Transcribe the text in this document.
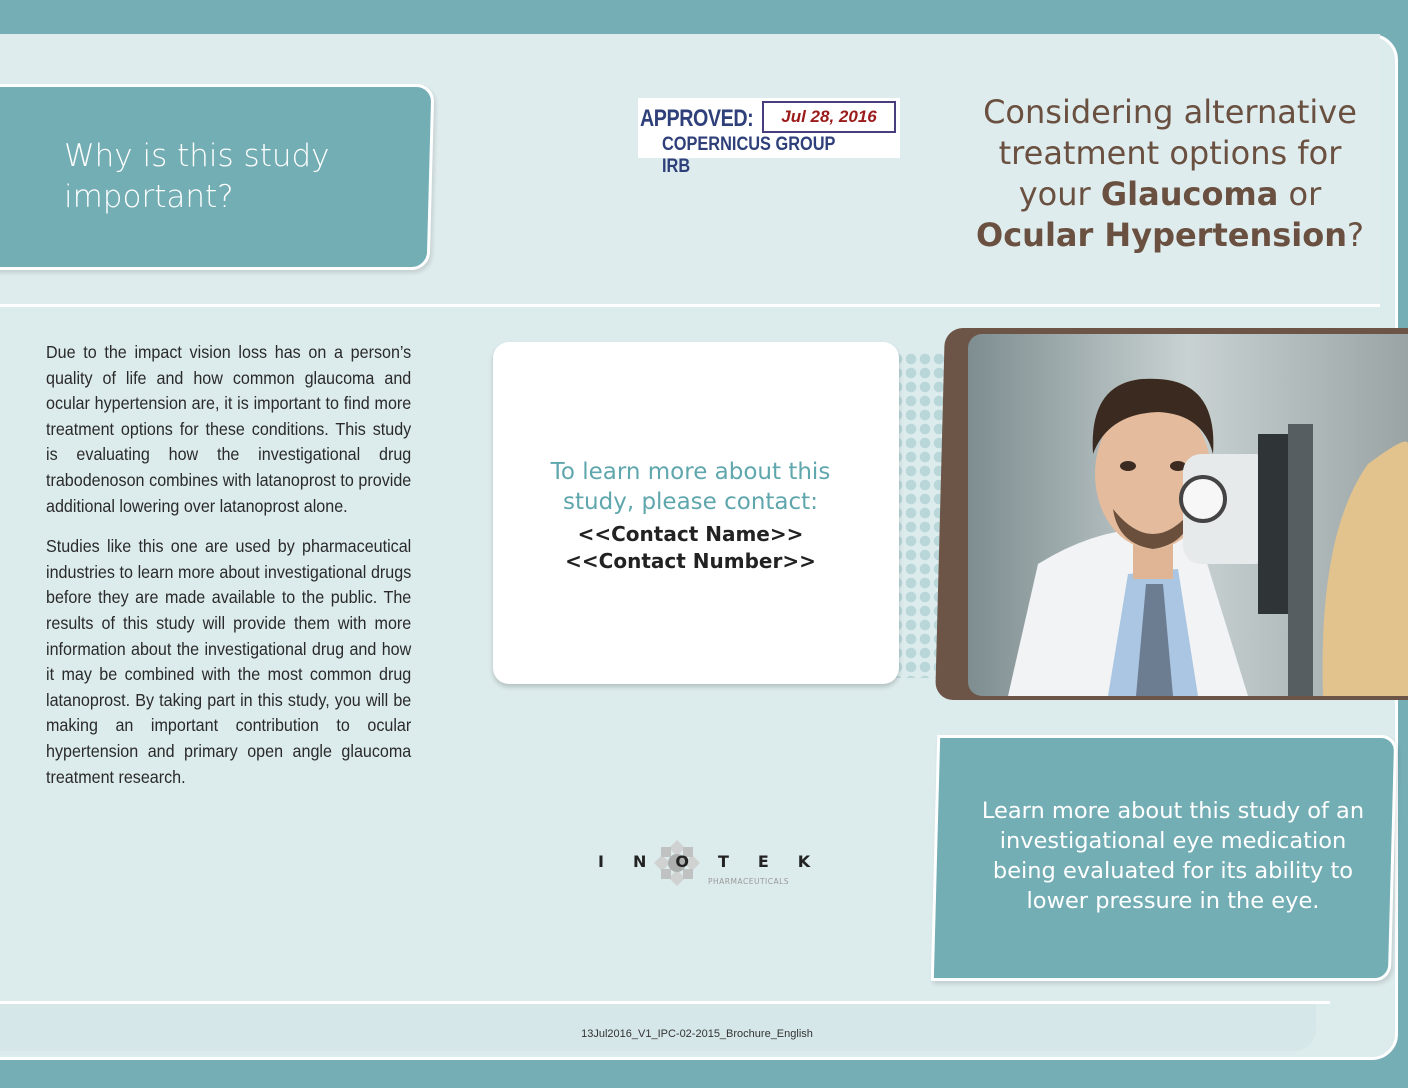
Why is this study important?
APPROVED:	Jul 28, 2016
COPERNICUS GROUP IRB
Considering alternative
treatment options for
your Glaucoma or
Ocular Hypertension?

Due to the impact vision loss has on a person’s quality of life and how common glaucoma and ocular hypertension are, it is important to find more treatment options for these conditions. This study is evaluating how the investigational drug trabodenoson combines with latanoprost to provide additional lowering over latanoprost alone.

Studies like this one are used by pharmaceutical industries to learn more about investigational drugs before they are made available to the public. The results of this study will provide them with more information about the investigational drug and how it may be combined with the most common drug latanoprost. By taking part in this study, you will be making an important contribution to ocular hypertension and primary open angle glaucoma treatment research.

To learn more about this
study, please contact:
<<Contact Name>>
<<Contact Number>>
Learn more about this study of an investigational eye medication being evaluated for its ability to lower pressure in the eye.
INOTEK
PHARMACEUTICALS
13Jul2016_V1_IPC-02-2015_Brochure_English
